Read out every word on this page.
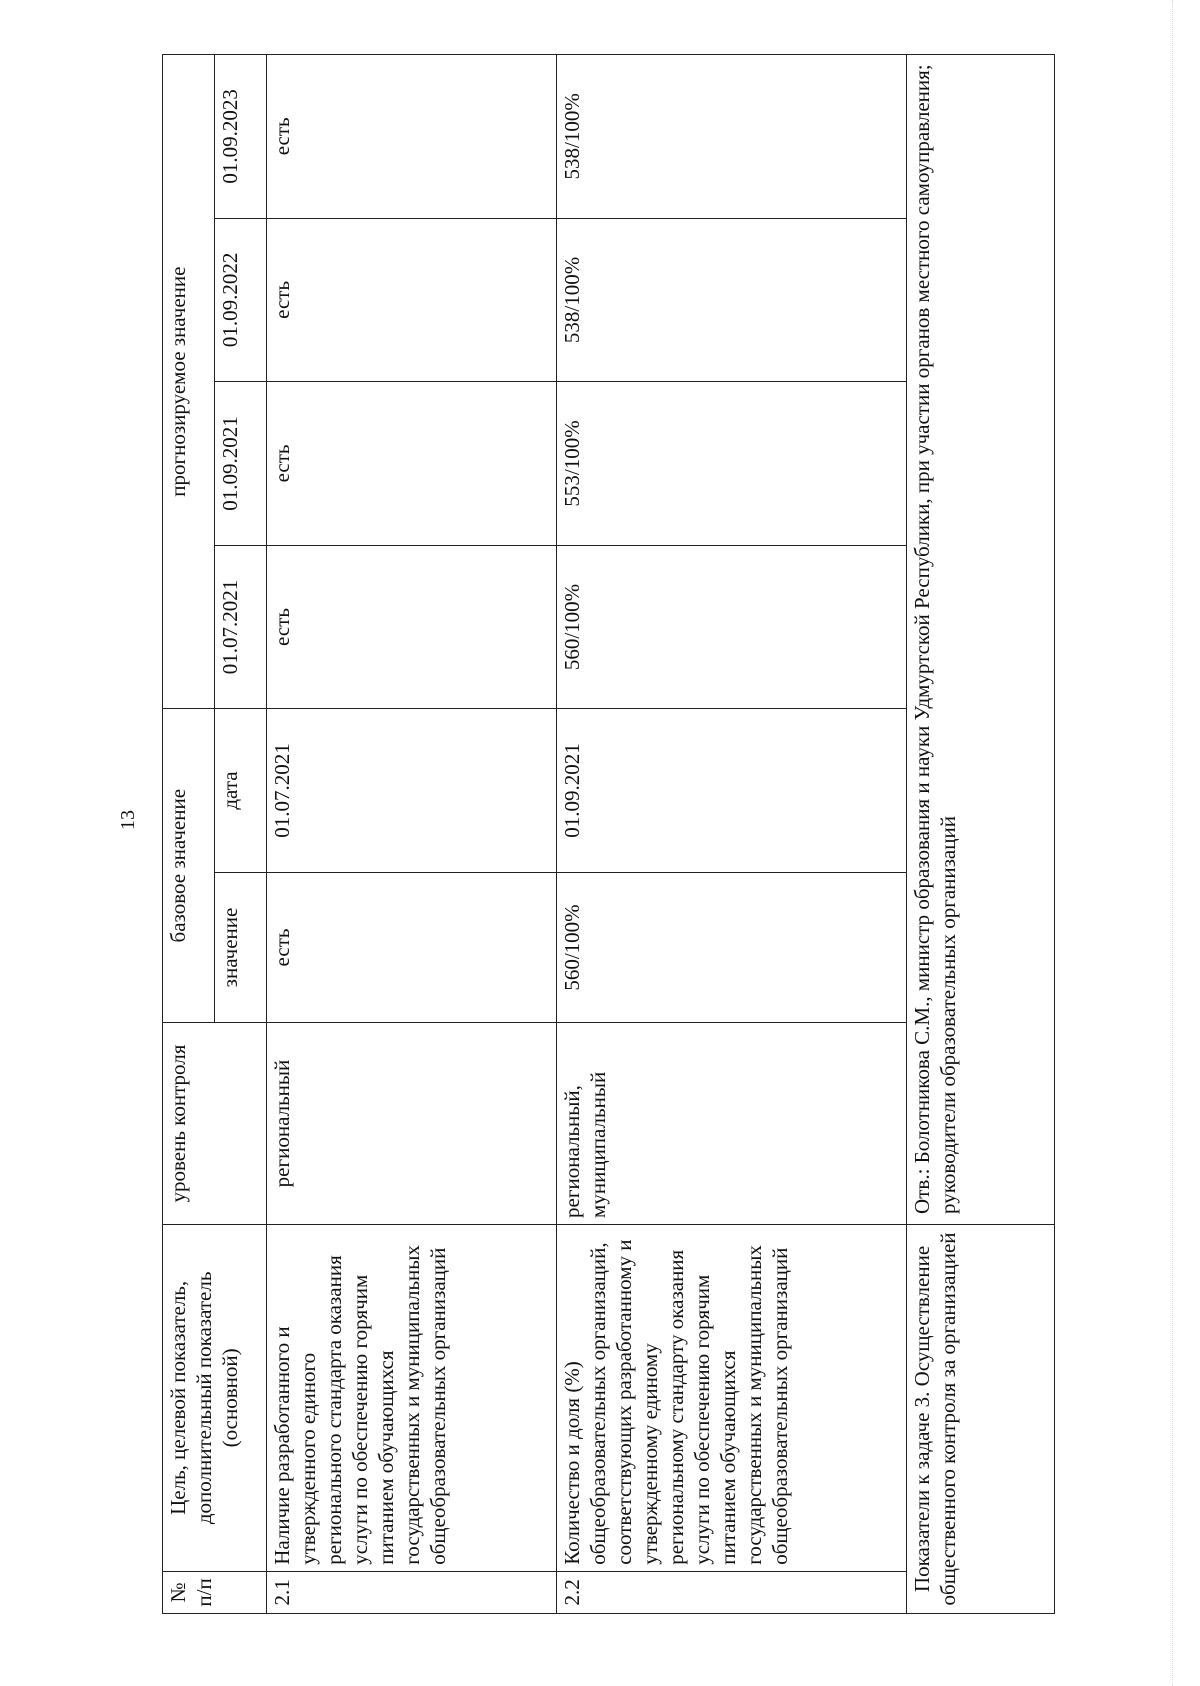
13
№ п/п	Цель, целевой показатель, дополнительный показатель (основной)	уровень контроля	базовое значение		прогнозируемое значение			
			значение	дата	01.07.2021	01.09.2021	01.09.2022	01.09.2023
2.1	Наличие разработанного и утвержденного единого регионального стандарта оказания услуги по обеспечению горячим питанием обучающихся государственных и муниципальных общеобразовательных организаций	региональный	есть	01.07.2021	есть	есть	есть	есть
2.2	Количество и доля (%) общеобразовательных организаций, соответствующих разработанному и утвержденному единому региональному стандарту оказания услуги по обеспечению горячим питанием обучающихся государственных и муниципальных общеобразовательных организаций	региональный, муниципальный	560/100%	01.09.2021	560/100%	553/100%	538/100%	538/100%
Показатели к задаче 3. Осуществление общественного контроля за организацией		Отв.: Болотникова С.М., министр образования и науки Удмуртской Республики, при участии органов местного самоуправления; руководители образовательных организаций						
